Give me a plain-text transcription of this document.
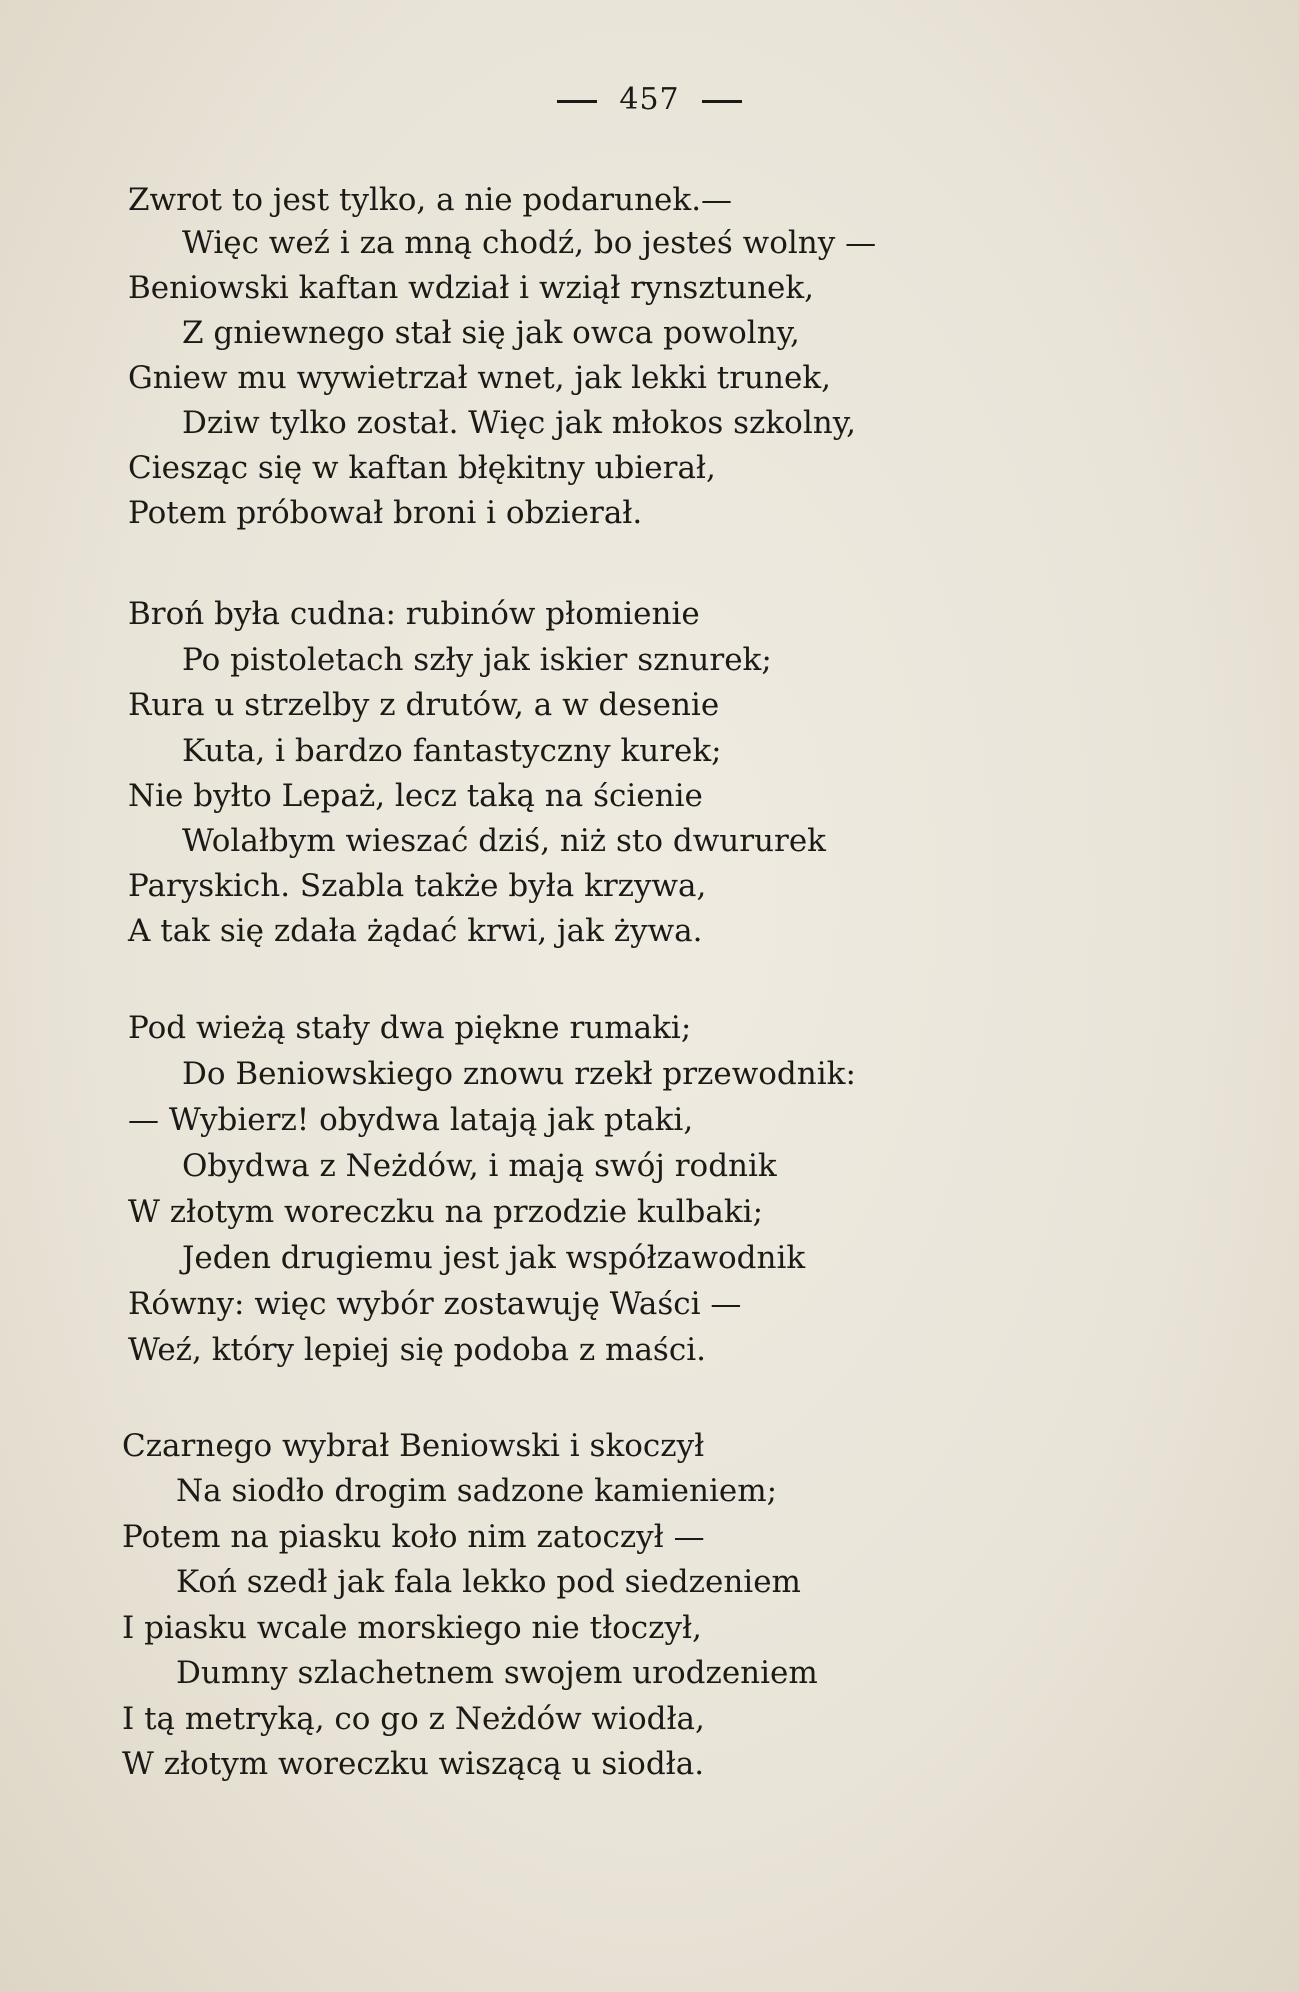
457
Zwrot to jest tylko, a nie podarunek.—
Więc weź i za mną chodź, bo jesteś wolny —
Beniowski kaftan wdział i wziął rynsztunek,
Z gniewnego stał się jak owca powolny,
Gniew mu wywietrzał wnet, jak lekki trunek,
Dziw tylko został. Więc jak młokos szkolny,
Ciesząc się w kaftan błękitny ubierał,
Potem próbował broni i obzierał.
Broń była cudna: rubinów płomienie
Po pistoletach szły jak iskier sznurek;
Rura u strzelby z drutów, a w desenie
Kuta, i bardzo fantastyczny kurek;
Nie byłto Lepaż, lecz taką na ścienie
Wolałbym wieszać dziś, niż sto dwururek
Paryskich. Szabla także była krzywa,
A tak się zdała żądać krwi, jak żywa.
Pod wieżą stały dwa piękne rumaki;
Do Beniowskiego znowu rzekł przewodnik:
— Wybierz! obydwa latają jak ptaki,
Obydwa z Neżdów, i mają swój rodnik
W złotym woreczku na przodzie kulbaki;
Jeden drugiemu jest jak współzawodnik
Równy: więc wybór zostawuję Waści —
Weź, który lepiej się podoba z maści.
Czarnego wybrał Beniowski i skoczył
Na siodło drogim sadzone kamieniem;
Potem na piasku koło nim zatoczył —
Koń szedł jak fala lekko pod siedzeniem
I piasku wcale morskiego nie tłoczył,
Dumny szlachetnem swojem urodzeniem
I tą metryką, co go z Neżdów wiodła,
W złotym woreczku wiszącą u siodła.
